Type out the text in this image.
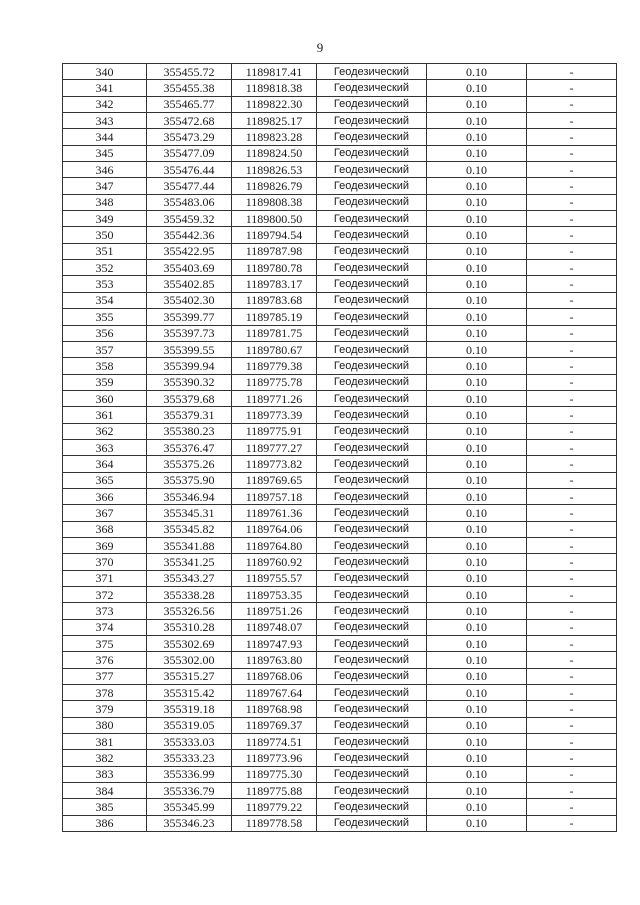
9
340	355455.72	1189817.41	Геодезический	0.10	-
341	355455.38	1189818.38	Геодезический	0.10	-
342	355465.77	1189822.30	Геодезический	0.10	-
343	355472.68	1189825.17	Геодезический	0.10	-
344	355473.29	1189823.28	Геодезический	0.10	-
345	355477.09	1189824.50	Геодезический	0.10	-
346	355476.44	1189826.53	Геодезический	0.10	-
347	355477.44	1189826.79	Геодезический	0.10	-
348	355483.06	1189808.38	Геодезический	0.10	-
349	355459.32	1189800.50	Геодезический	0.10	-
350	355442.36	1189794.54	Геодезический	0.10	-
351	355422.95	1189787.98	Геодезический	0.10	-
352	355403.69	1189780.78	Геодезический	0.10	-
353	355402.85	1189783.17	Геодезический	0.10	-
354	355402.30	1189783.68	Геодезический	0.10	-
355	355399.77	1189785.19	Геодезический	0.10	-
356	355397.73	1189781.75	Геодезический	0.10	-
357	355399.55	1189780.67	Геодезический	0.10	-
358	355399.94	1189779.38	Геодезический	0.10	-
359	355390.32	1189775.78	Геодезический	0.10	-
360	355379.68	1189771.26	Геодезический	0.10	-
361	355379.31	1189773.39	Геодезический	0.10	-
362	355380.23	1189775.91	Геодезический	0.10	-
363	355376.47	1189777.27	Геодезический	0.10	-
364	355375.26	1189773.82	Геодезический	0.10	-
365	355375.90	1189769.65	Геодезический	0.10	-
366	355346.94	1189757.18	Геодезический	0.10	-
367	355345.31	1189761.36	Геодезический	0.10	-
368	355345.82	1189764.06	Геодезический	0.10	-
369	355341.88	1189764.80	Геодезический	0.10	-
370	355341.25	1189760.92	Геодезический	0.10	-
371	355343.27	1189755.57	Геодезический	0.10	-
372	355338.28	1189753.35	Геодезический	0.10	-
373	355326.56	1189751.26	Геодезический	0.10	-
374	355310.28	1189748.07	Геодезический	0.10	-
375	355302.69	1189747.93	Геодезический	0.10	-
376	355302.00	1189763.80	Геодезический	0.10	-
377	355315.27	1189768.06	Геодезический	0.10	-
378	355315.42	1189767.64	Геодезический	0.10	-
379	355319.18	1189768.98	Геодезический	0.10	-
380	355319.05	1189769.37	Геодезический	0.10	-
381	355333.03	1189774.51	Геодезический	0.10	-
382	355333.23	1189773.96	Геодезический	0.10	-
383	355336.99	1189775.30	Геодезический	0.10	-
384	355336.79	1189775.88	Геодезический	0.10	-
385	355345.99	1189779.22	Геодезический	0.10	-
386	355346.23	1189778.58	Геодезический	0.10	-
